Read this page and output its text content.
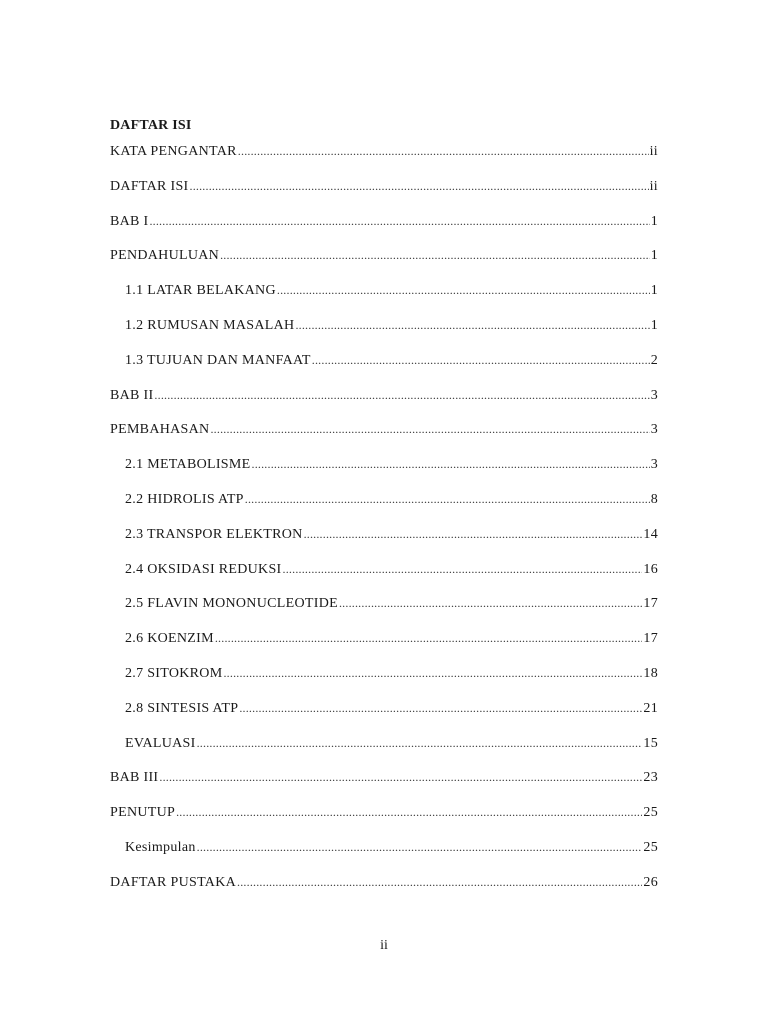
DAFTAR ISI
KATA PENGANTAR .....	ii
DAFTAR ISI .....	ii
BAB I .....	1
PENDAHULUAN .....	1
1.1 LATAR BELAKANG .....	1
1.2 RUMUSAN MASALAH .....	1
1.3 TUJUAN DAN MANFAAT .....	2
BAB II .....	3
PEMBAHASAN .....	3
2.1 METABOLISME .....	3
2.2 HIDROLIS ATP .....	8
2.3 TRANSPOR ELEKTRON .....	14
2.4 OKSIDASI REDUKSI .....	16
2.5 FLAVIN MONONUCLEOTIDE .....	17
2.6 KOENZIM .....	17
2.7 SITOKROM .....	18
2.8 SINTESIS ATP .....	21
EVALUASI .....	15
BAB III .....	23
PENUTUP .....	25
Kesimpulan .....	25
DAFTAR PUSTAKA .....	26
ii
